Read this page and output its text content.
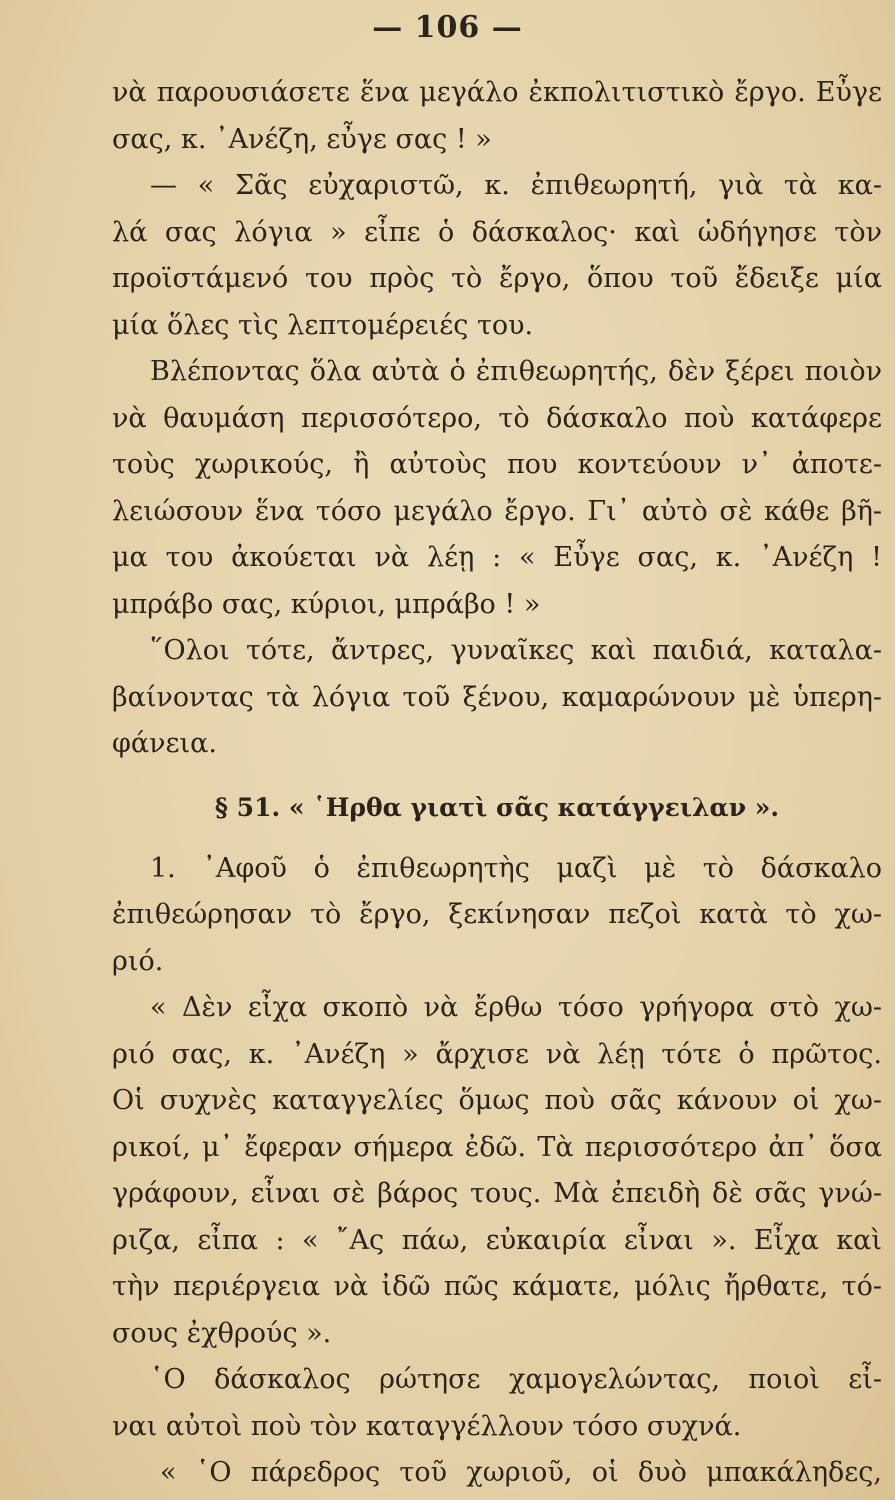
— 106 —
νὰ παρουσιάσετε ἕνα μεγάλο ἐκπολιτιστικὸ ἔργο. Εὖγε
σας, κ. ᾿Ανέζη, εὖγε σας ! »
— « Σᾶς εὐχαριστῶ, κ. ἐπιθεωρητή, γιὰ τὰ κα-
λά σας λόγια » εἶπε ὁ δάσκαλος· καὶ ὡδήγησε τὸν
προϊστάμενό του πρὸς τὸ ἔργο, ὅπου τοῦ ἔδειξε μία
μία ὅλες τὶς λεπτομέρειές του.
Βλέποντας ὅλα αὐτὰ ὁ ἐπιθεωρητής, δὲν ξέρει ποιὸν
νὰ θαυμάση περισσότερο, τὸ δάσκαλο ποὺ κατάφερε
τοὺς χωρικούς, ἢ αὐτοὺς που κοντεύουν ν᾿ ἀποτε-
λειώσουν ἕνα τόσο μεγάλο ἔργο. Γι᾿ αὐτὸ σὲ κάθε βῆ-
μα του ἀκούεται νὰ λέῃ : « Εὖγε σας, κ. ᾿Ανέζη !
μπράβο σας, κύριοι, μπράβο ! »
῞Ολοι τότε, ἄντρες, γυναῖκες καὶ παιδιά, καταλα-
βαίνοντας τὰ λόγια τοῦ ξένου, καμαρώνουν μὲ ὑπερη-
φάνεια.
§ 51. « ῾Ηρθα γιατὶ σᾶς κατάγγειλαν ».
1. ᾿Αφοῦ ὁ ἐπιθεωρητὴς μαζὶ μὲ τὸ δάσκαλο
ἐπιθεώρησαν τὸ ἔργο, ξεκίνησαν πεζοὶ κατὰ τὸ χω-
ριό.
« Δὲν εἶχα σκοπὸ νὰ ἔρθω τόσο γρήγορα στὸ χω-
ριό σας, κ. ᾿Ανέζη » ἄρχισε νὰ λέῃ τότε ὁ πρῶτος.
Οἱ συχνὲς καταγγελίες ὅμως ποὺ σᾶς κάνουν οἱ χω-
ρικοί, μ᾿ ἔφεραν σήμερα ἐδῶ. Τὰ περισσότερο ἀπ᾿ ὅσα
γράφουν, εἶναι σὲ βάρος τους. Μὰ ἐπειδὴ δὲ σᾶς γνώ-
ριζα, εἶπα : « ῎Ας πάω, εὐκαιρία εἶναι ». Εἶχα καὶ
τὴν περιέργεια νὰ ἰδῶ πῶς κάματε, μόλις ἤρθατε, τό-
σους ἐχθρούς ».
῾Ο δάσκαλος ρώτησε χαμογελώντας, ποιοὶ εἶ-
ναι αὐτοὶ ποὺ τὸν καταγγέλλουν τόσο συχνά.
« ῾Ο πάρεδρος τοῦ χωριοῦ, οἱ δυὸ μπακάληδες,
